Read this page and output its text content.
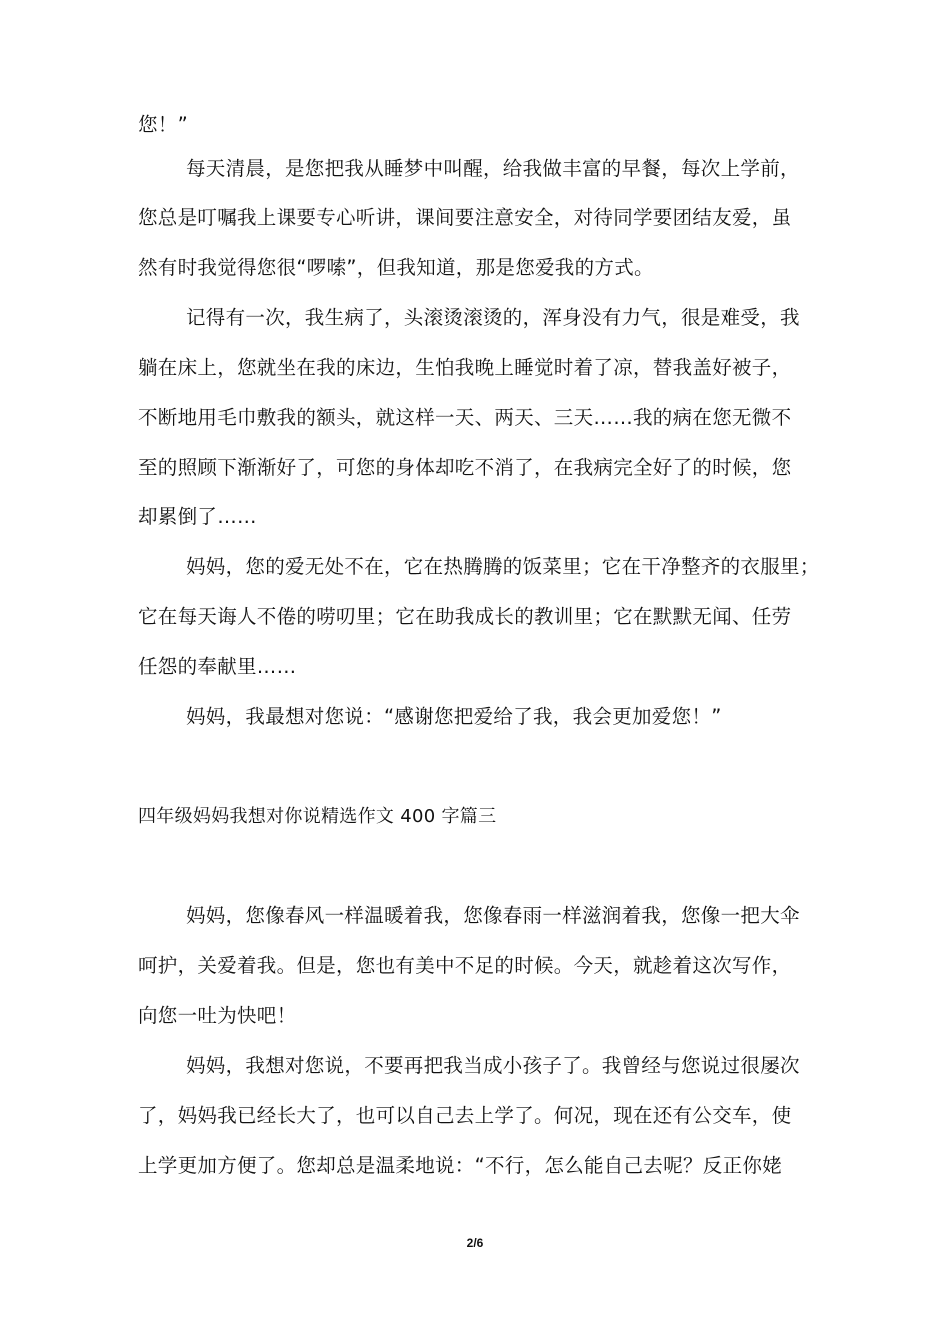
您！”
每天清晨，是您把我从睡梦中叫醒，给我做丰富的早餐，每次上学前，
您总是叮嘱我上课要专心听讲，课间要注意安全，对待同学要团结友爱，虽
然有时我觉得您很“啰嗦”，但我知道，那是您爱我的方式。
记得有一次，我生病了，头滚烫滚烫的，浑身没有力气，很是难受，我
躺在床上，您就坐在我的床边，生怕我晚上睡觉时着了凉，替我盖好被子，
不断地用毛巾敷我的额头，就这样一天、两天、三天……我的病在您无微不
至的照顾下渐渐好了，可您的身体却吃不消了，在我病完全好了的时候，您
却累倒了……
妈妈，您的爱无处不在，它在热腾腾的饭菜里；它在干净整齐的衣服里；
它在每天诲人不倦的唠叨里；它在助我成长的教训里；它在默默无闻、任劳
任怨的奉献里……
妈妈，我最想对您说：“感谢您把爱给了我，我会更加爱您！”
四年级妈妈我想对你说精选作文 400 字篇三
妈妈，您像春风一样温暖着我，您像春雨一样滋润着我，您像一把大伞
呵护，关爱着我。但是，您也有美中不足的时候。今天，就趁着这次写作，
向您一吐为快吧！
妈妈，我想对您说，不要再把我当成小孩子了。我曾经与您说过很屡次
了，妈妈我已经长大了，也可以自己去上学了。何况，现在还有公交车，使
上学更加方便了。您却总是温柔地说：“不行，怎么能自己去呢？反正你姥
2/6
